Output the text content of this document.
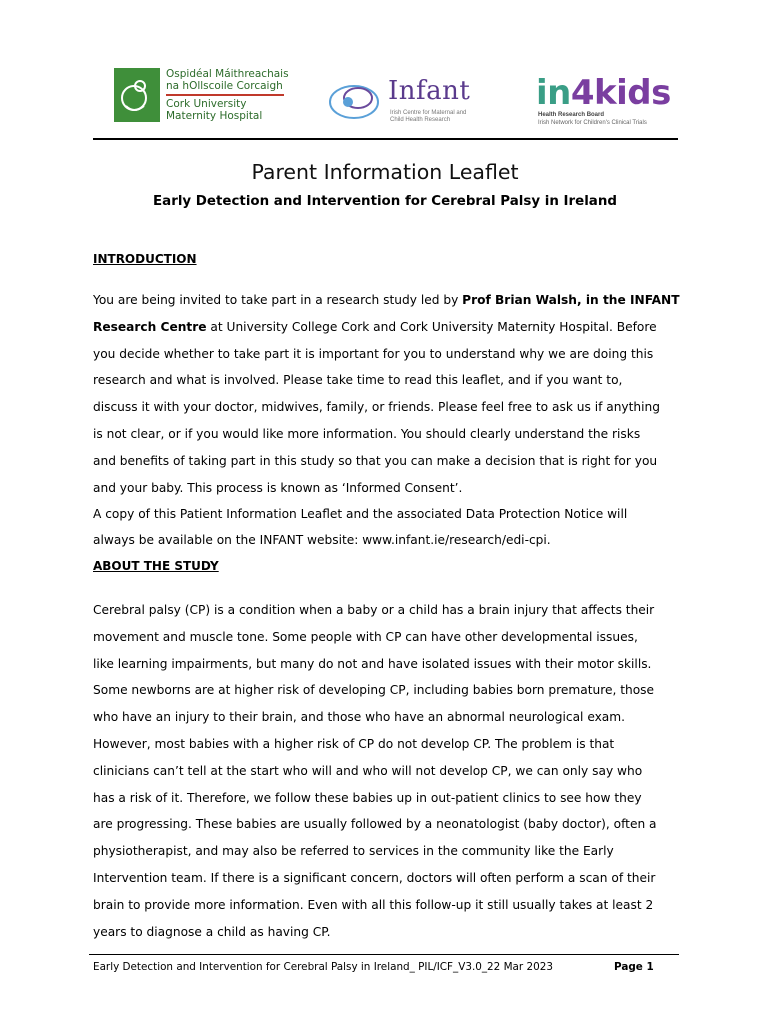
Ospidéal Máithreachais
na hOllscoile Corcaigh
Cork University
Maternity Hospital
Infant
Irish Centre for Maternal and
Child Health Research
in4kids
Health Research Board
Irish Network for Children's Clinical Trials
Parent Information Leaflet
Early Detection and Intervention for Cerebral Palsy in Ireland
INTRODUCTION
You are being invited to take part in a research study led by Prof Brian Walsh, in the INFANT
Research Centre at University College Cork and Cork University Maternity Hospital. Before
you decide whether to take part it is important for you to understand why we are doing this
research and what is involved. Please take time to read this leaflet, and if you want to,
discuss it with your doctor, midwives, family, or friends. Please feel free to ask us if anything
is not clear, or if you would like more information. You should clearly understand the risks
and benefits of taking part in this study so that you can make a decision that is right for you
and your baby. This process is known as ‘Informed Consent’.
A copy of this Patient Information Leaflet and the associated Data Protection Notice will
always be available on the INFANT website: www.infant.ie/research/edi-cpi.
ABOUT THE STUDY
Cerebral palsy (CP) is a condition when a baby or a child has a brain injury that affects their
movement and muscle tone. Some people with CP can have other developmental issues,
like learning impairments, but many do not and have isolated issues with their motor skills.
Some newborns are at higher risk of developing CP, including babies born premature, those
who have an injury to their brain, and those who have an abnormal neurological exam.
However, most babies with a higher risk of CP do not develop CP. The problem is that
clinicians can’t tell at the start who will and who will not develop CP, we can only say who
has a risk of it. Therefore, we follow these babies up in out-patient clinics to see how they
are progressing. These babies are usually followed by a neonatologist (baby doctor), often a
physiotherapist, and may also be referred to services in the community like the Early
Intervention team. If there is a significant concern, doctors will often perform a scan of their
brain to provide more information. Even with all this follow-up it still usually takes at least 2
years to diagnose a child as having CP.
Early Detection and Intervention for Cerebral Palsy in Ireland_ PIL/ICF_V3.0_22 Mar 2023	Page 1
